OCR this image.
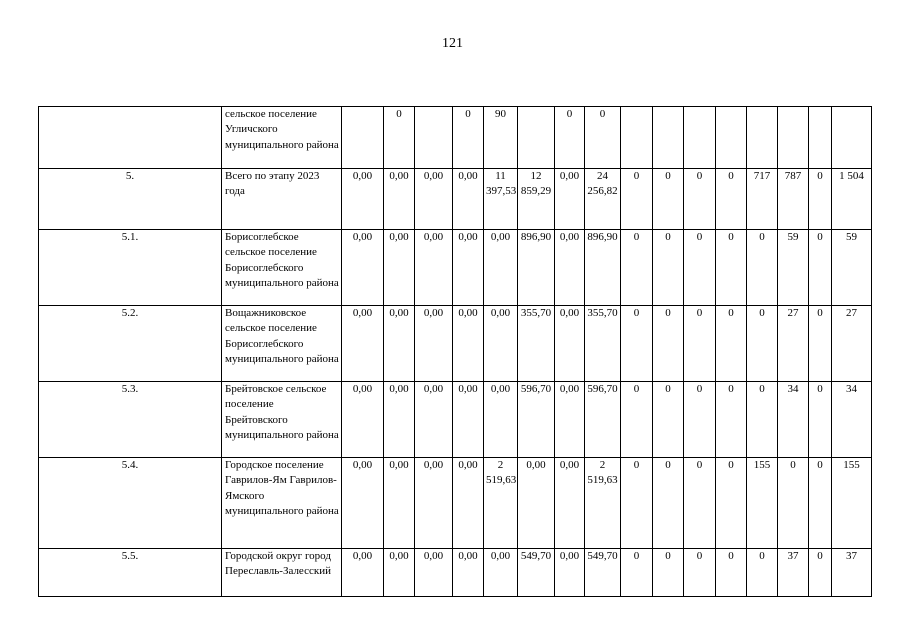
121
	сельское поселение Угличского муниципального района		0		0	90		0	0								
5.	Всего по этапу 2023 года	0,00	0,00	0,00	0,00	11 397,53	12 859,29	0,00	24 256,82	0	0	0	0	717	787	0	1 504
5.1.	Борисоглебское сельское поселение Борисоглебского муниципального района	0,00	0,00	0,00	0,00	0,00	896,90	0,00	896,90	0	0	0	0	0	59	0	59
5.2.	Вощажниковское сельское поселение Борисоглебского муниципального района	0,00	0,00	0,00	0,00	0,00	355,70	0,00	355,70	0	0	0	0	0	27	0	27
5.3.	Брейтовское сельское поселение Брейтовского муниципального района	0,00	0,00	0,00	0,00	0,00	596,70	0,00	596,70	0	0	0	0	0	34	0	34
5.4.	Городское поселение Гаврилов-Ям Гаврилов-Ямского муниципального района	0,00	0,00	0,00	0,00	2 519,63	0,00	0,00	2 519,63	0	0	0	0	155	0	0	155
5.5.	Городской округ город Переславль-Залесский	0,00	0,00	0,00	0,00	0,00	549,70	0,00	549,70	0	0	0	0	0	37	0	37
